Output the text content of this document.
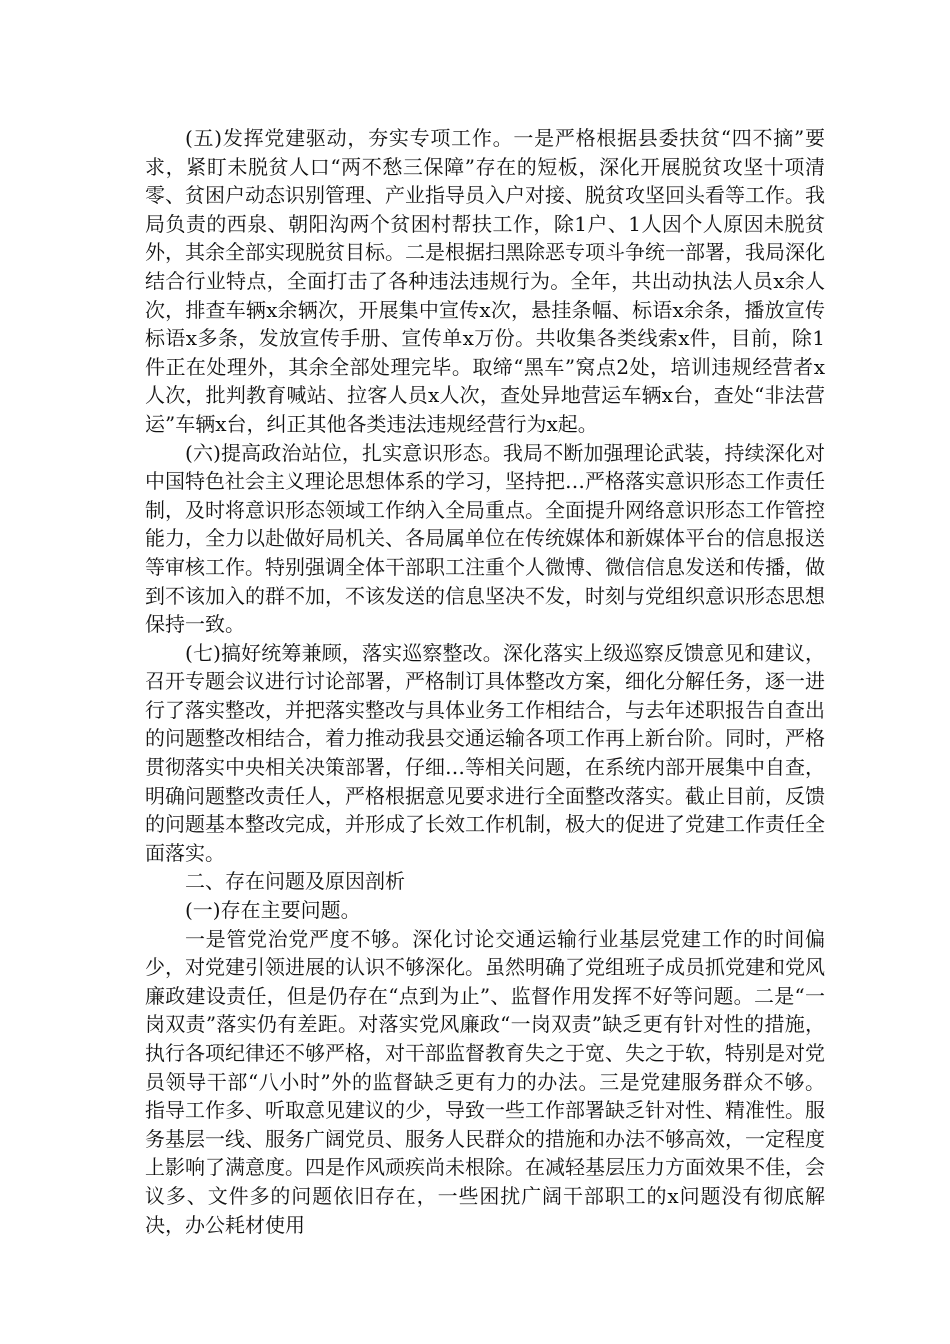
(五)发挥党建驱动，夯实专项工作。一是严格根据县委扶贫“四不摘”要求，紧盯未脱贫人口“两不愁三保障”存在的短板，深化开展脱贫攻坚十项清零、贫困户动态识别管理、产业指导员入户对接、脱贫攻坚回头看等工作。我局负责的西泉、朝阳沟两个贫困村帮扶工作，除1户、1人因个人原因未脱贫外，其余全部实现脱贫目标。二是根据扫黑除恶专项斗争统一部署，我局深化结合行业特点，全面打击了各种违法违规行为。全年，共出动执法人员x余人次，排查车辆x余辆次，开展集中宣传x次，悬挂条幅、标语x余条，播放宣传标语x多条，发放宣传手册、宣传单x万份。共收集各类线索x件，目前，除1件正在处理外，其余全部处理完毕。取缔“黑车”窝点2处，培训违规经营者x人次，批判教育喊站、拉客人员x人次，查处异地营运车辆x台，查处“非法营运”车辆x台，纠正其他各类违法违规经营行为x起。

(六)提高政治站位，扎实意识形态。我局不断加强理论武装，持续深化对中国特色社会主义理论思想体系的学习，坚持把…严格落实意识形态工作责任制，及时将意识形态领域工作纳入全局重点。全面提升网络意识形态工作管控能力，全力以赴做好局机关、各局属单位在传统媒体和新媒体平台的信息报送等审核工作。特别强调全体干部职工注重个人微博、微信信息发送和传播，做到不该加入的群不加，不该发送的信息坚决不发，时刻与党组织意识形态思想保持一致。

(七)搞好统筹兼顾，落实巡察整改。深化落实上级巡察反馈意见和建议，召开专题会议进行讨论部署，严格制订具体整改方案，细化分解任务，逐一进行了落实整改，并把落实整改与具体业务工作相结合，与去年述职报告自查出的问题整改相结合，着力推动我县交通运输各项工作再上新台阶。同时，严格贯彻落实中央相关决策部署，仔细…等相关问题，在系统内部开展集中自查，明确问题整改责任人，严格根据意见要求进行全面整改落实。截止目前，反馈的问题基本整改完成，并形成了长效工作机制，极大的促进了党建工作责任全面落实。

二、存在问题及原因剖析

(一)存在主要问题。

一是管党治党严度不够。深化讨论交通运输行业基层党建工作的时间偏少，对党建引领进展的认识不够深化。虽然明确了党组班子成员抓党建和党风廉政建设责任，但是仍存在“点到为止”、监督作用发挥不好等问题。二是“一岗双责”落实仍有差距。对落实党风廉政“一岗双责”缺乏更有针对性的措施，执行各项纪律还不够严格，对干部监督教育失之于宽、失之于软，特别是对党员领导干部“八小时”外的监督缺乏更有力的办法。三是党建服务群众不够。指导工作多、听取意见建议的少，导致一些工作部署缺乏针对性、精准性。服务基层一线、服务广阔党员、服务人民群众的措施和办法不够高效，一定程度上影响了满意度。四是作风顽疾尚未根除。在减轻基层压力方面效果不佳，会议多、文件多的问题依旧存在，一些困扰广阔干部职工的x问题没有彻底解决，办公耗材使用
